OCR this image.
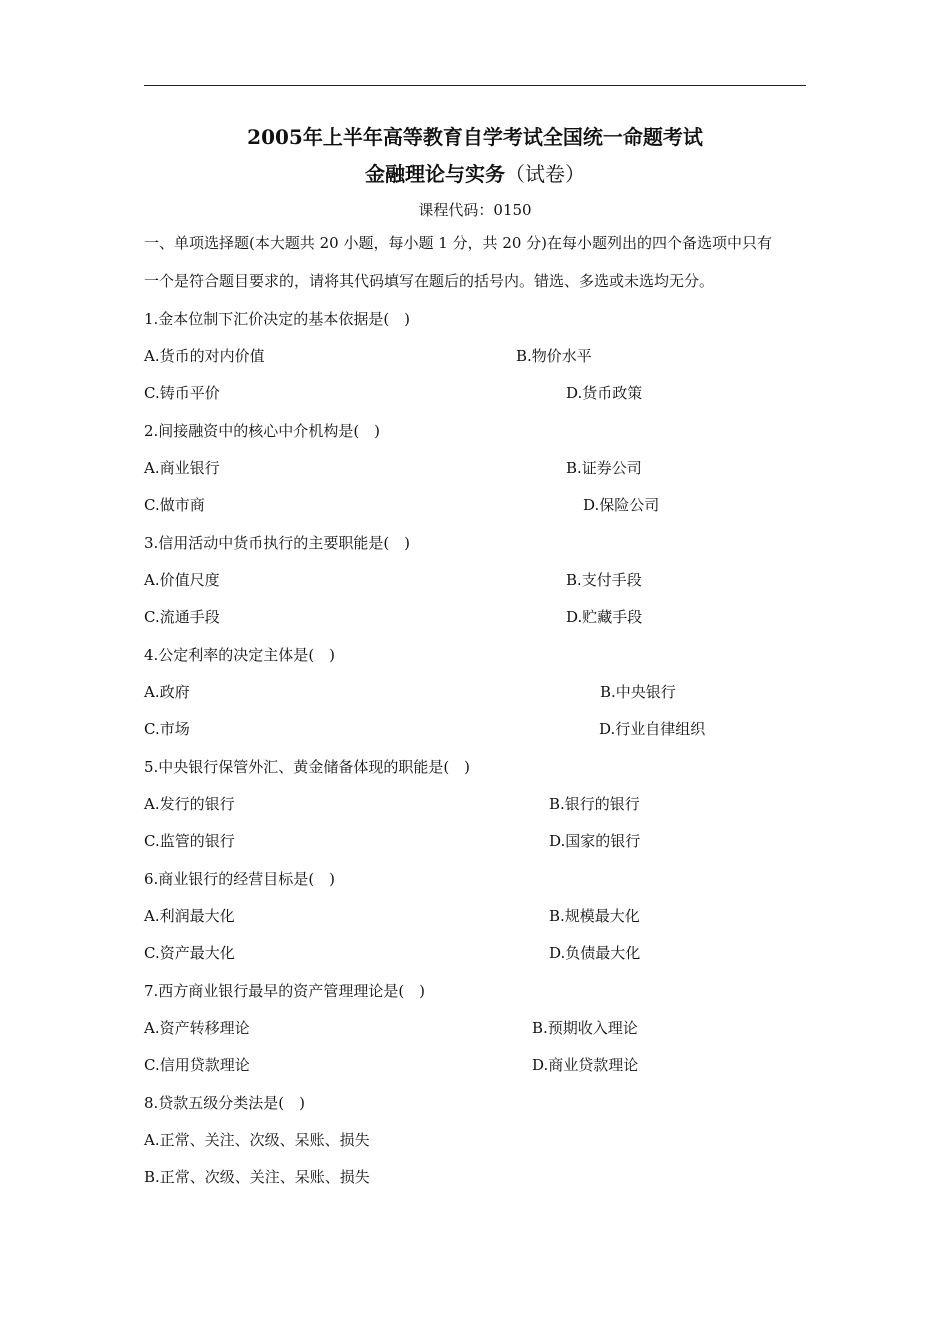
2005年上半年高等教育自学考试全国统一命题考试
金融理论与实务（试卷）
课程代码：0150
一、单项选择题(本大题共 20 小题，每小题 1 分，共 20 分)在每小题列出的四个备选项中只有
一个是符合题目要求的，请将其代码填写在题后的括号内。错选、多选或未选均无分。
1.金本位制下汇价决定的基本依据是(　)
A.货币的对内价值	B.物价水平
C.铸币平价	D.货币政策
2.间接融资中的核心中介机构是(　)
A.商业银行	B.证券公司
C.做市商	D.保险公司
3.信用活动中货币执行的主要职能是(　)
A.价值尺度	B.支付手段
C.流通手段	D.贮藏手段
4.公定利率的决定主体是(　)
A.政府	B.中央银行
C.市场	D.行业自律组织
5.中央银行保管外汇、黄金储备体现的职能是(　)
A.发行的银行	B.银行的银行
C.监管的银行	D.国家的银行
6.商业银行的经营目标是(　)
A.利润最大化	B.规模最大化
C.资产最大化	D.负债最大化
7.西方商业银行最早的资产管理理论是(　)
A.资产转移理论	B.预期收入理论
C.信用贷款理论	D.商业贷款理论
8.贷款五级分类法是(　)
A.正常、关注、次级、呆账、损失
B.正常、次级、关注、呆账、损失
